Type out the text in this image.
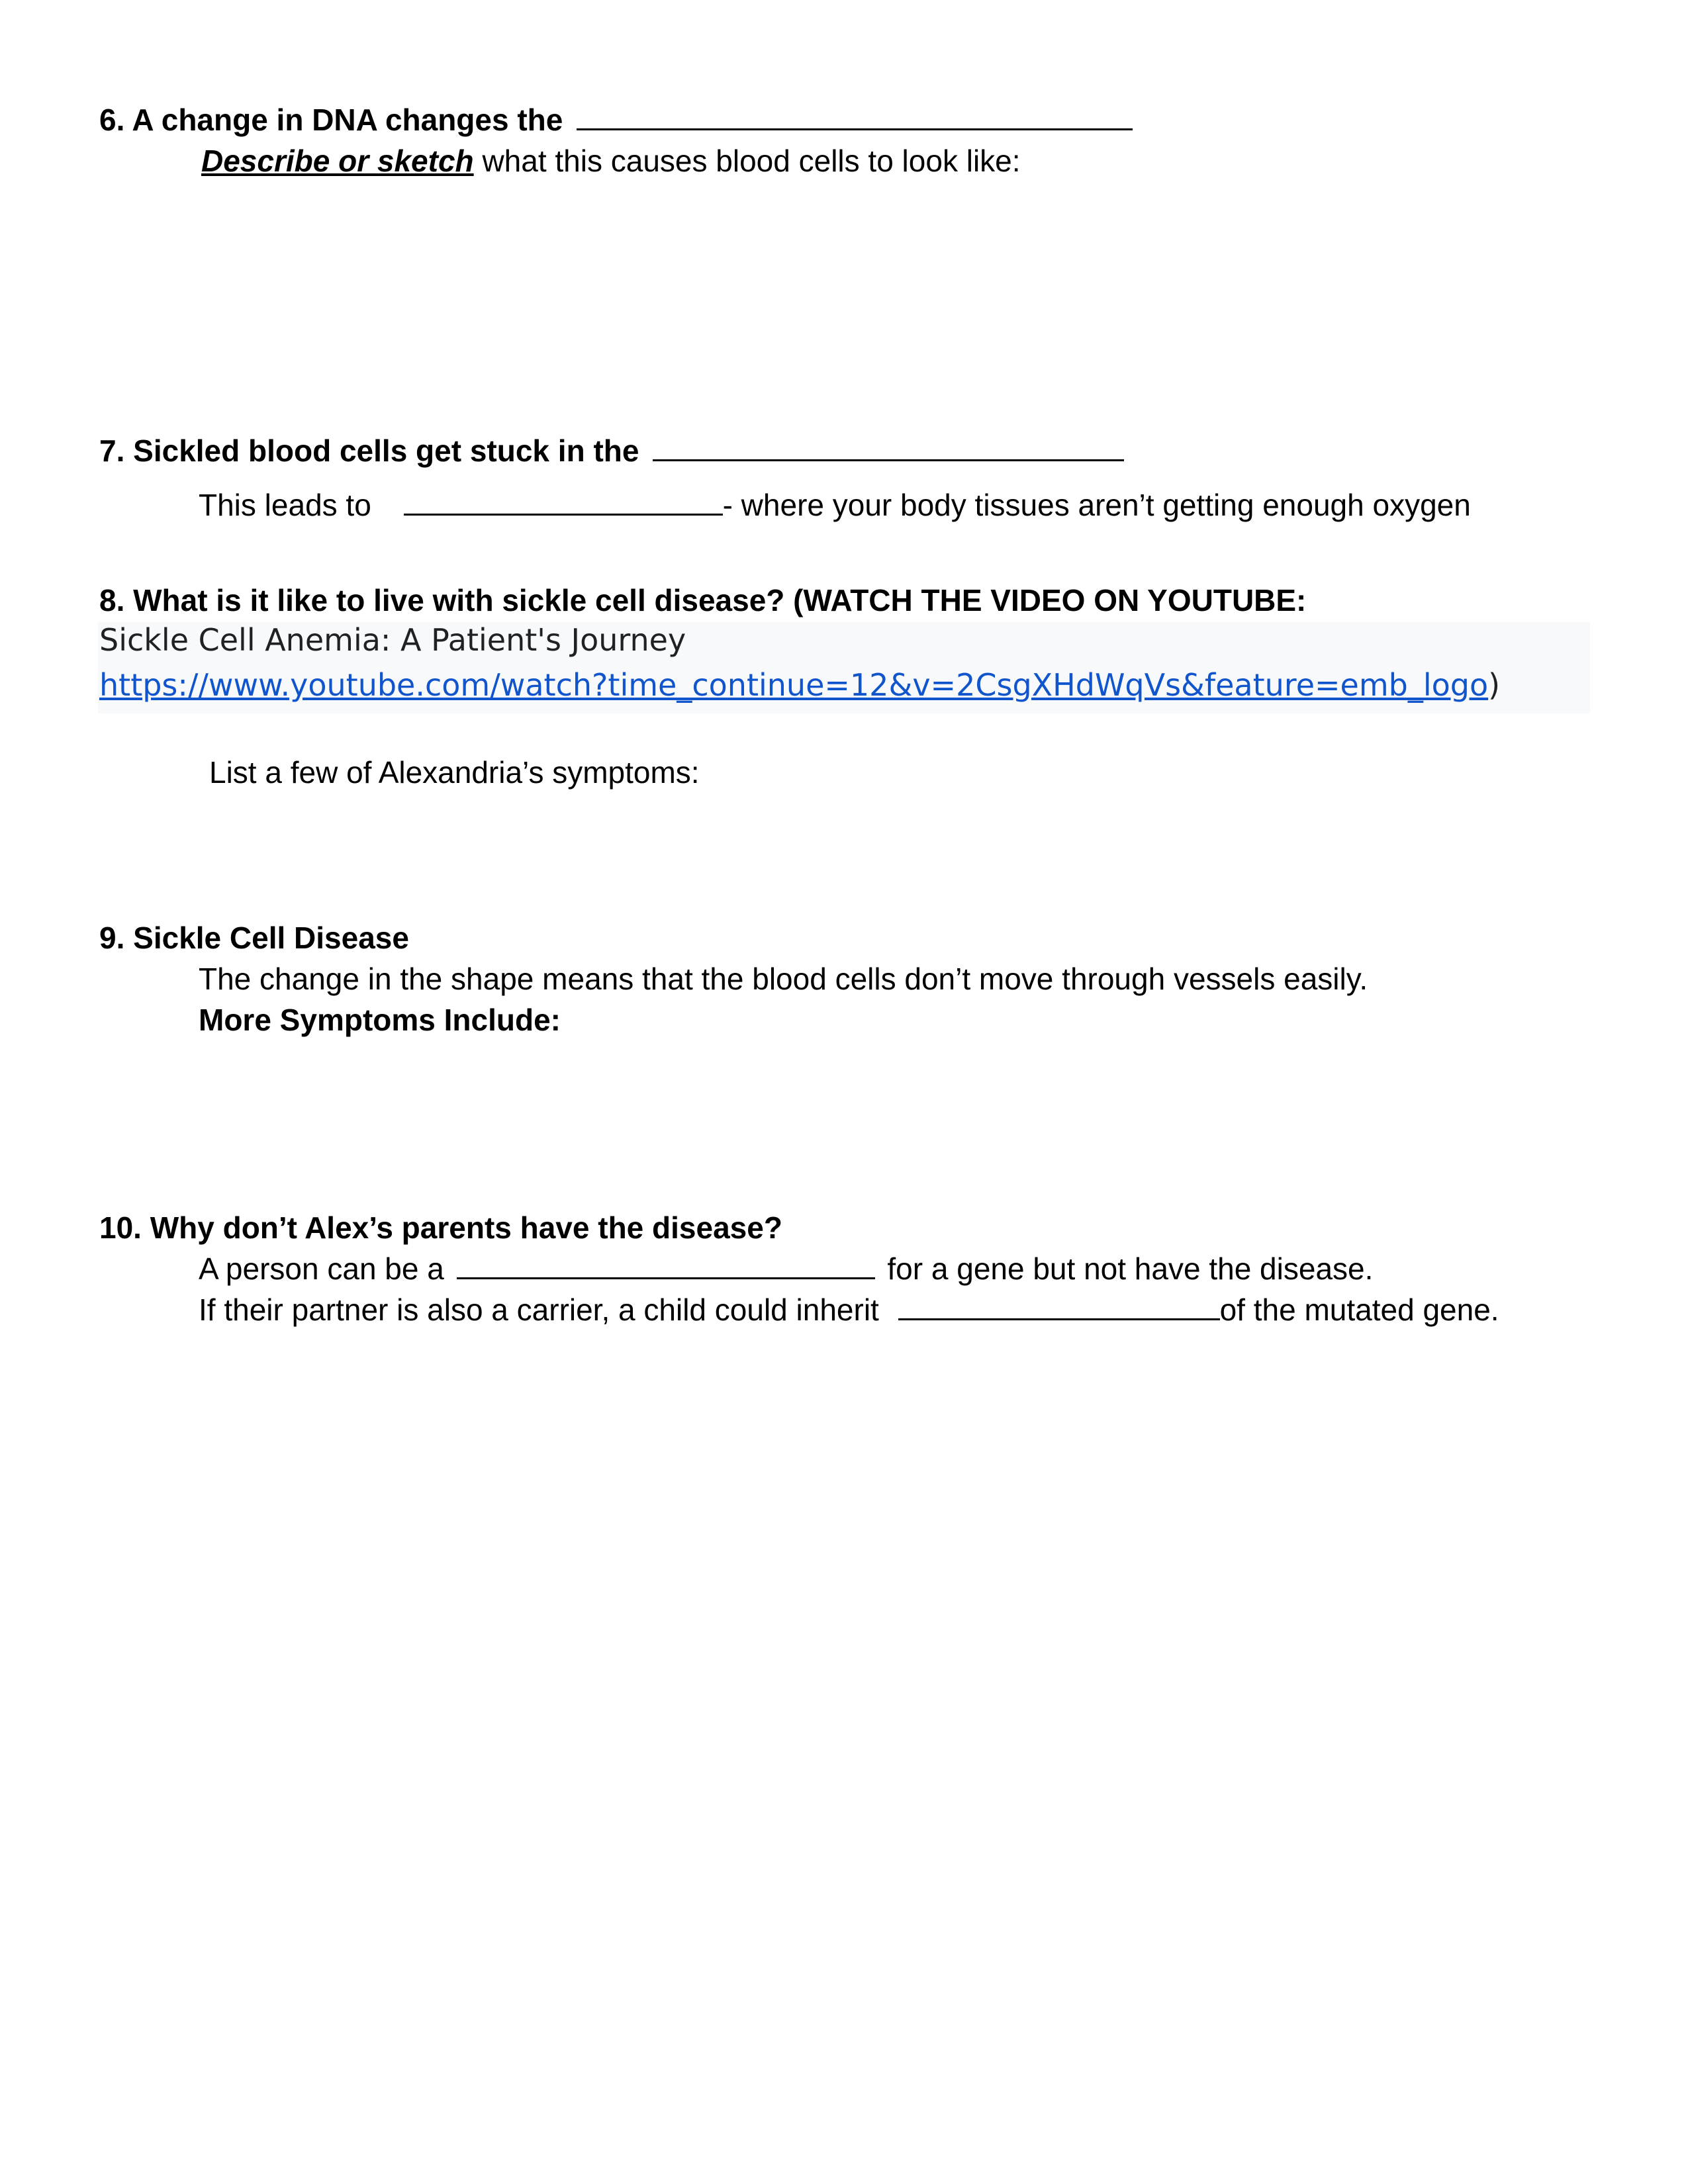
6. A change in DNA changes the
Describe or sketch what this causes blood cells to look like:
7. Sickled blood cells get stuck in the
This leads to	- where your body tissues aren’t getting enough oxygen
8. What is it like to live with sickle cell disease? (WATCH THE VIDEO ON YOUTUBE:
Sickle Cell Anemia: A Patient's Journey
https://www.youtube.com/watch?time_continue=12&v=2CsgXHdWqVs&feature=emb_logo)
List a few of Alexandria’s symptoms:
9. Sickle Cell Disease
The change in the shape means that the blood cells don’t move through vessels easily.
More Symptoms Include:
10. Why don’t Alex’s parents have the disease?
A person can be a	for a gene but not have the disease.
If their partner is also a carrier, a child could inherit	of the mutated gene.
